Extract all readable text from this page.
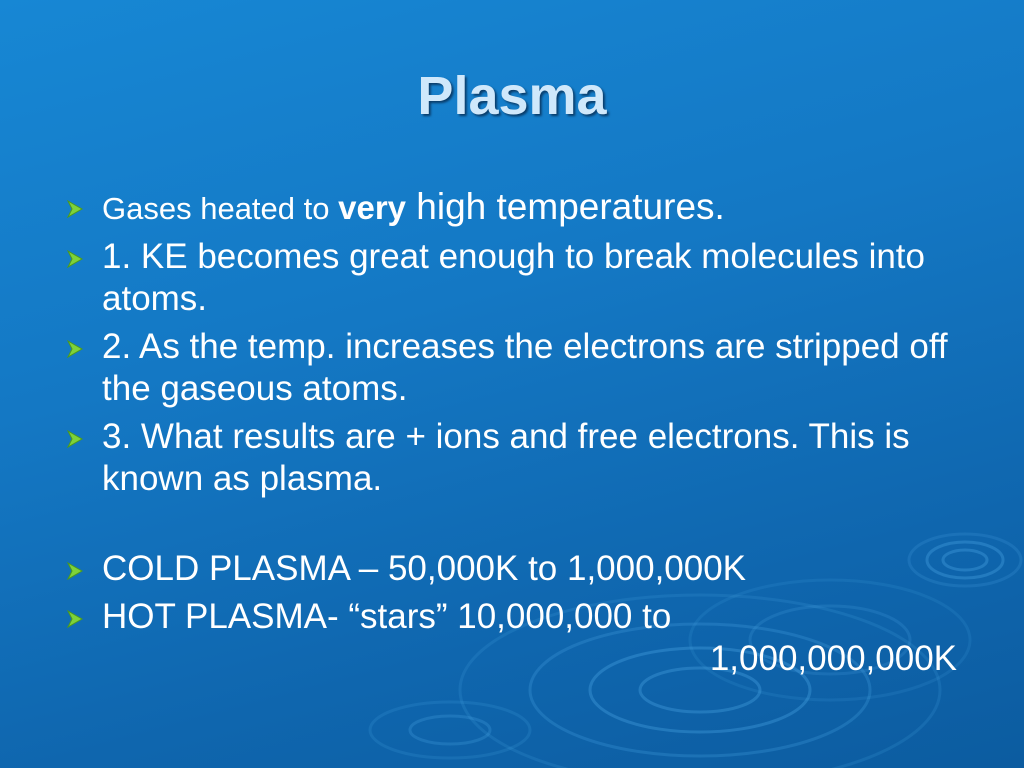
Plasma
Gases heated to very high temperatures.
1. KE becomes great enough to break molecules into atoms.
2. As the temp. increases the electrons are stripped off the gaseous atoms.
3. What results are + ions and free electrons. This is known as plasma.
COLD PLASMA – 50,000K to 1,000,000K
HOT PLASMA- “stars” 10,000,000 to
1,000,000,000K
